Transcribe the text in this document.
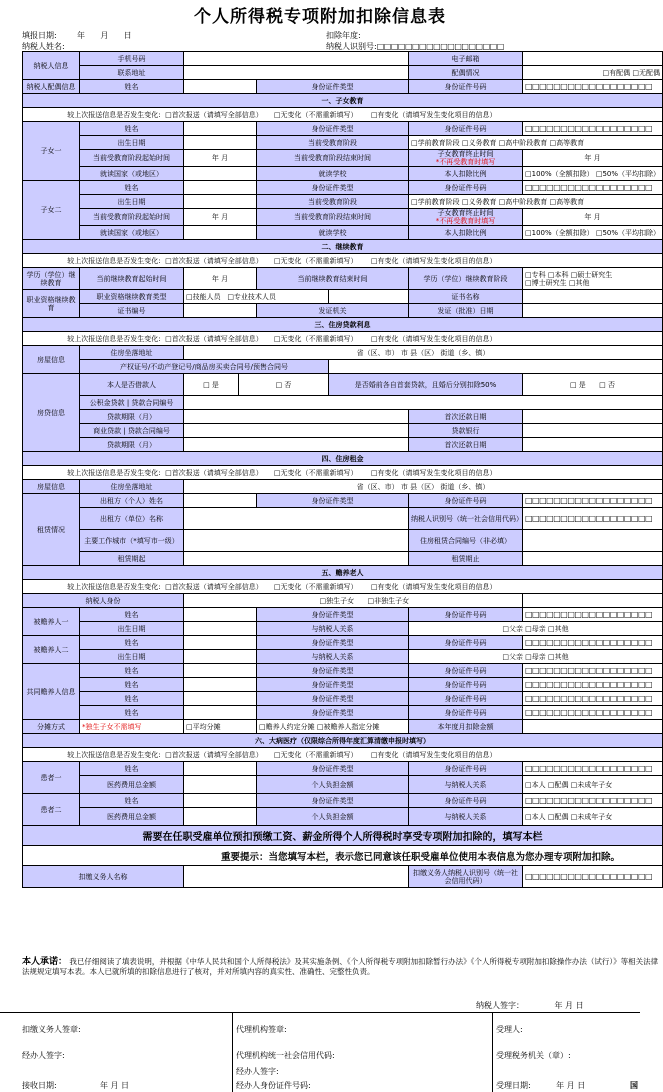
个人所得税专项附加扣除信息表
填报日期:	年 月 日	扣除年度:
纳税人姓名:	纳税人识别号:□□□□□□□□□□□□□□□□□□
纳税人信息	手机号码					电子邮箱	
	联系地址					配偶情况	□有配偶 □无配偶
纳税人配偶信息	姓名			身份证件类型		身份证件号码	□□□□□□□□□□□□□□□□□□
一、子女教育							
较上次报送信息是否发生变化: □首次报送（请填写全部信息） □无变化（不需重新填写） □有变化（请填写发生变化项目的信息）							
子女一	姓名			身份证件类型		身份证件号码	□□□□□□□□□□□□□□□□□□
	出生日期			当前受教育阶段		□学前教育阶段 □义务教育 □高中阶段教育 □高等教育	
	当前受教育阶段起始时间	年 月		当前受教育阶段结束时间		子女教育终止时间
*不再受教育时填写	年 月
	就读国家（或地区）			就读学校		本人扣除比例	□100%（全额扣除） □50%（平均扣除）
子女二	姓名			身份证件类型		身份证件号码	□□□□□□□□□□□□□□□□□□
	出生日期			当前受教育阶段		□学前教育阶段 □义务教育 □高中阶段教育 □高等教育	
	当前受教育阶段起始时间	年 月		当前受教育阶段结束时间		子女教育终止时间
*不再受教育时填写	年 月
	就读国家（或地区）			就读学校		本人扣除比例	□100%（全额扣除） □50%（平均扣除）
二、继续教育							
较上次报送信息是否发生变化: □首次报送（请填写全部信息） □无变化（不需重新填写） □有变化（请填写发生变化项目的信息）							
学历（学位）继续教育	当前继续教育起始时间	年 月		当前继续教育结束时间		学历（学位）继续教育阶段	□专科 □本科 □硕士研究生
□博士研究生 □其他

职业资格继续教育	职业资格继续教育类型	□技能人员 □专业技术人员				证书名称	
	证书编号			发证机关		发证（批准）日期	
三、住房贷款利息							
较上次报送信息是否发生变化: □首次报送（请填写全部信息） □无变化（不需重新填写） □有变化（请填写发生变化项目的信息）							
房屋信息	住房坐落地址	省（区、市） 市 县（区） 街道（乡、镇）					
	产权证号/不动产登记号/商品房买卖合同号/预售合同号						
房贷信息	本人是否借款人	□ 是	□ 否		是否婚前各自首套贷款，且婚后分别扣除50%		□ 是 □ 否
	公积金贷款 | 贷款合同编号						
	贷款期限（月）					首次还款日期	
	商业贷款 | 贷款合同编号					贷款银行	
	贷款期限（月）					首次还款日期	
四、住房租金							
较上次报送信息是否发生变化: □首次报送（请填写全部信息） □无变化（不需重新填写） □有变化（请填写发生变化项目的信息）							
房屋信息	住房坐落地址	省（区、市） 市 县（区） 街道（乡、镇）					
租赁情况	出租方（个人）姓名			身份证件类型		身份证件号码	□□□□□□□□□□□□□□□□□□
	出租方（单位）名称					纳税人识别号（统一社会信用代码）	□□□□□□□□□□□□□□□□□□
	主要工作城市（*填写市一级）					住房租赁合同编号（非必填）	
	租赁期起					租赁期止	
五、赡养老人							
较上次报送信息是否发生变化: □首次报送（请填写全部信息） □无变化（不需重新填写） □有变化（请填写发生变化项目的信息）							
纳税人身份		□独生子女 □非独生子女					
被赡养人一	姓名			身份证件类型		身份证件号码	□□□□□□□□□□□□□□□□□□
	出生日期			与纳税人关系		□父亲 □母亲 □其他	
被赡养人二	姓名			身份证件类型		身份证件号码	□□□□□□□□□□□□□□□□□□
	出生日期			与纳税人关系		□父亲 □母亲 □其他	
共同赡养人信息	姓名			身份证件类型		身份证件号码	□□□□□□□□□□□□□□□□□□
	姓名			身份证件类型		身份证件号码	□□□□□□□□□□□□□□□□□□
	姓名			身份证件类型		身份证件号码	□□□□□□□□□□□□□□□□□□
	姓名			身份证件类型		身份证件号码	□□□□□□□□□□□□□□□□□□
分摊方式	*独生子女不需填写	□平均分摊		□赡养人约定分摊 □被赡养人指定分摊		本年度月扣除金额	
六、大病医疗（仅限综合所得年度汇算清缴申报时填写）							
较上次报送信息是否发生变化: □首次报送（请填写全部信息） □无变化（不需重新填写） □有变化（请填写发生变化项目的信息）							
患者一	姓名			身份证件类型		身份证件号码	□□□□□□□□□□□□□□□□□□
	医药费用总金额			个人负担金额		与纳税人关系	□本人 □配偶 □未成年子女
患者二	姓名			身份证件类型		身份证件号码	□□□□□□□□□□□□□□□□□□
	医药费用总金额			个人负担金额		与纳税人关系	□本人 □配偶 □未成年子女
需要在任职受雇单位预扣预缴工资、薪金所得个人所得税时享受专项附加扣除的，填写本栏							
重要提示：当您填写本栏，表示您已同意该任职受雇单位使用本表信息为您办理专项附加扣除。							
扣缴义务人名称						扣缴义务人纳税人识别号（统一社会信用代码）	□□□□□□□□□□□□□□□□□□
本人承诺： 我已仔细阅读了填表说明，并根据《中华人民共和国个人所得税法》及其实施条例、《个人所得税专项附加扣除暂行办法》《个人所得税专项附加扣除操作办法（试行）》等相关法律法规规定填写本表。本人已就所填的扣除信息进行了核对，并对所填内容的真实性、准确性、完整性负责。
纳税人签字：	年 月 日
扣缴义务人签章:	代理机构签章:	受理人:
经办人签字:	代理机构统一社会信用代码:	受理税务机关（章）:
经办人签字:
接收日期:	年 月 日	经办人身份证件号码:	受理日期:	年 月 日	国
